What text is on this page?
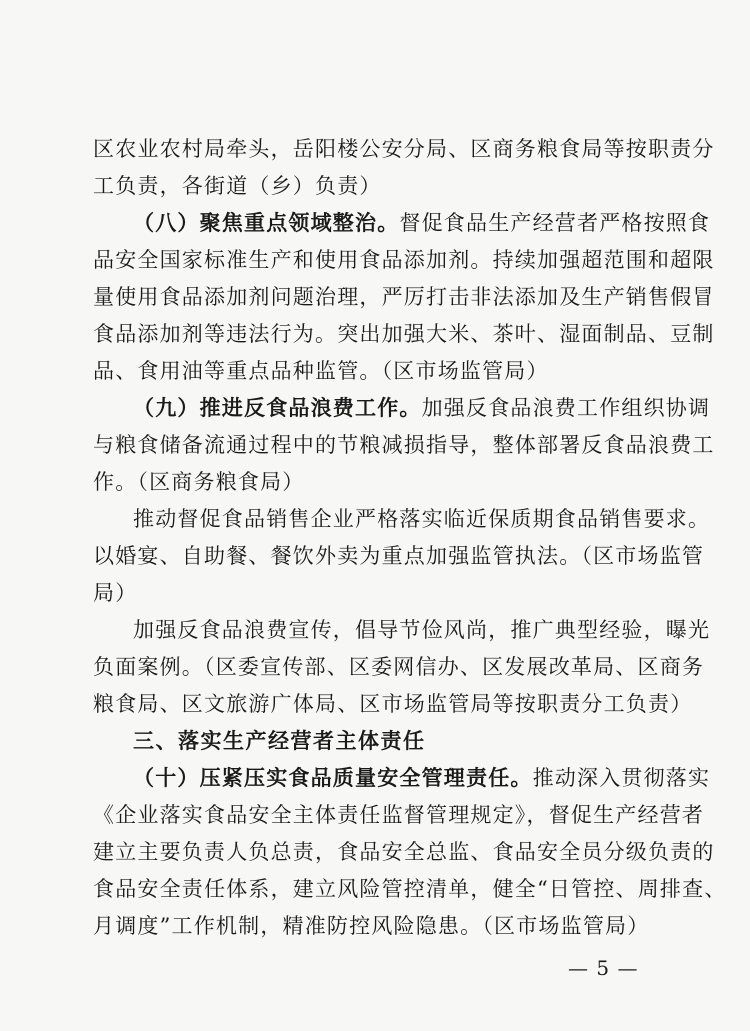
区农业农村局牵头，岳阳楼公安分局、区商务粮食局等按职责分
工负责，各街道（乡）负责）
（八）聚焦重点领域整治。督促食品生产经营者严格按照食
品安全国家标准生产和使用食品添加剂。持续加强超范围和超限
量使用食品添加剂问题治理，严厉打击非法添加及生产销售假冒
食品添加剂等违法行为。突出加强大米、茶叶、湿面制品、豆制
品、食用油等重点品种监管。（区市场监管局）
（九）推进反食品浪费工作。加强反食品浪费工作组织协调
与粮食储备流通过程中的节粮减损指导，整体部署反食品浪费工
作。（区商务粮食局）
推动督促食品销售企业严格落实临近保质期食品销售要求。
以婚宴、自助餐、餐饮外卖为重点加强监管执法。（区市场监管
局）
加强反食品浪费宣传，倡导节俭风尚，推广典型经验，曝光
负面案例。（区委宣传部、区委网信办、区发展改革局、区商务
粮食局、区文旅游广体局、区市场监管局等按职责分工负责）
三、落实生产经营者主体责任
（十）压紧压实食品质量安全管理责任。推动深入贯彻落实
《企业落实食品安全主体责任监督管理规定》，督促生产经营者
建立主要负责人负总责，食品安全总监、食品安全员分级负责的
食品安全责任体系，建立风险管控清单，健全“日管控、周排查、
月调度”工作机制，精准防控风险隐患。（区市场监管局）
— 5 —
